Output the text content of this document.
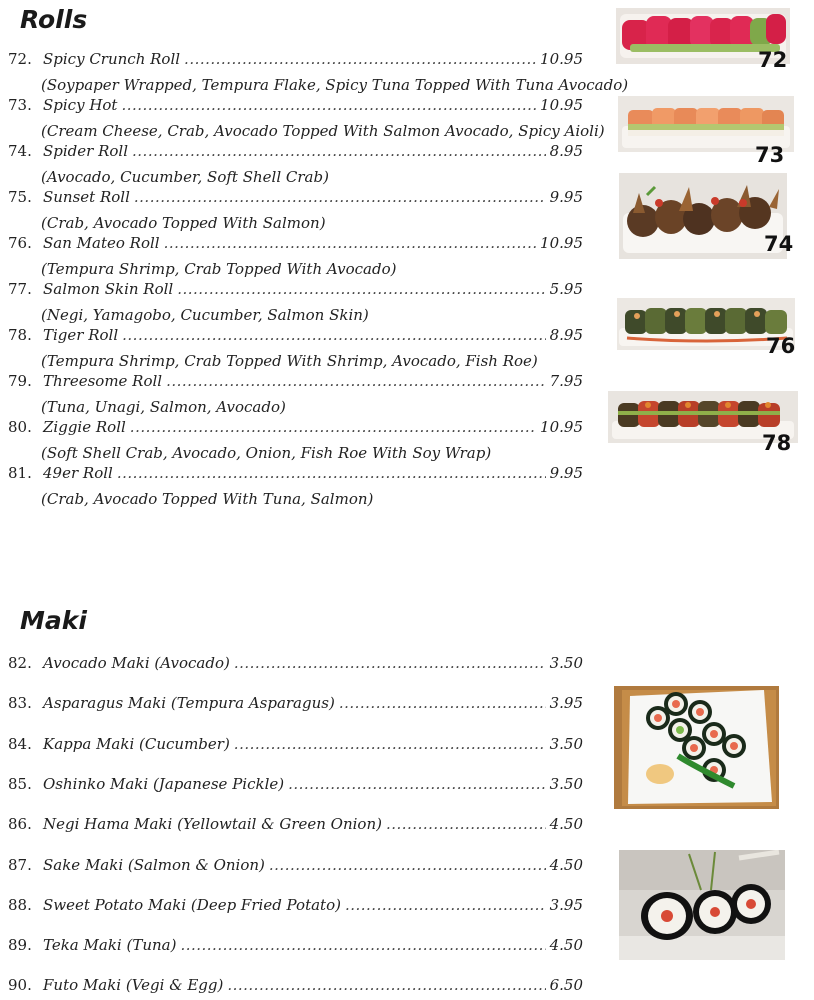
Rolls
72. Spicy Crunch Roll .....	10.95
(Soypaper Wrapped, Tempura Flake, Spicy Tuna Topped With Tuna Avocado)
73. Spicy Hot .....	10.95
(Cream Cheese, Crab, Avocado Topped With Salmon Avocado, Spicy Aioli)
74. Spider Roll .....	8.95
(Avocado, Cucumber, Soft Shell Crab)
75. Sunset Roll .....	9.95
(Crab, Avocado Topped With Salmon)
76. San Mateo Roll .....	10.95
(Tempura Shrimp, Crab Topped With Avocado)
77. Salmon Skin Roll .....	5.95
(Negi, Yamagobo, Cucumber, Salmon Skin)
78. Tiger Roll .....	8.95
(Tempura Shrimp, Crab Topped With Shrimp, Avocado, Fish Roe)
79. Threesome Roll .....	7.95
(Tuna, Unagi, Salmon, Avocado)
80. Ziggie Roll .....	10.95
(Soft Shell Crab, Avocado, Onion, Fish Roe With Soy Wrap)
81. 49er Roll .....	9.95
(Crab, Avocado Topped With Tuna, Salmon)
82. Avocado Maki (Avocado) .....	3.50
83. Asparagus Maki (Tempura Asparagus) .....	3.95
84. Kappa Maki (Cucumber) .....	3.50
85. Oshinko Maki (Japanese Pickle) .....	3.50
86. Negi Hama Maki (Yellowtail & Green Onion) .....	4.50
87. Sake Maki (Salmon & Onion) .....	4.50
88. Sweet Potato Maki (Deep Fried Potato) .....	3.95
89. Teka Maki (Tuna) .....	4.50
90. Futo Maki (Vegi & Egg) .....	6.50
72
73
74
76
78
Maki
